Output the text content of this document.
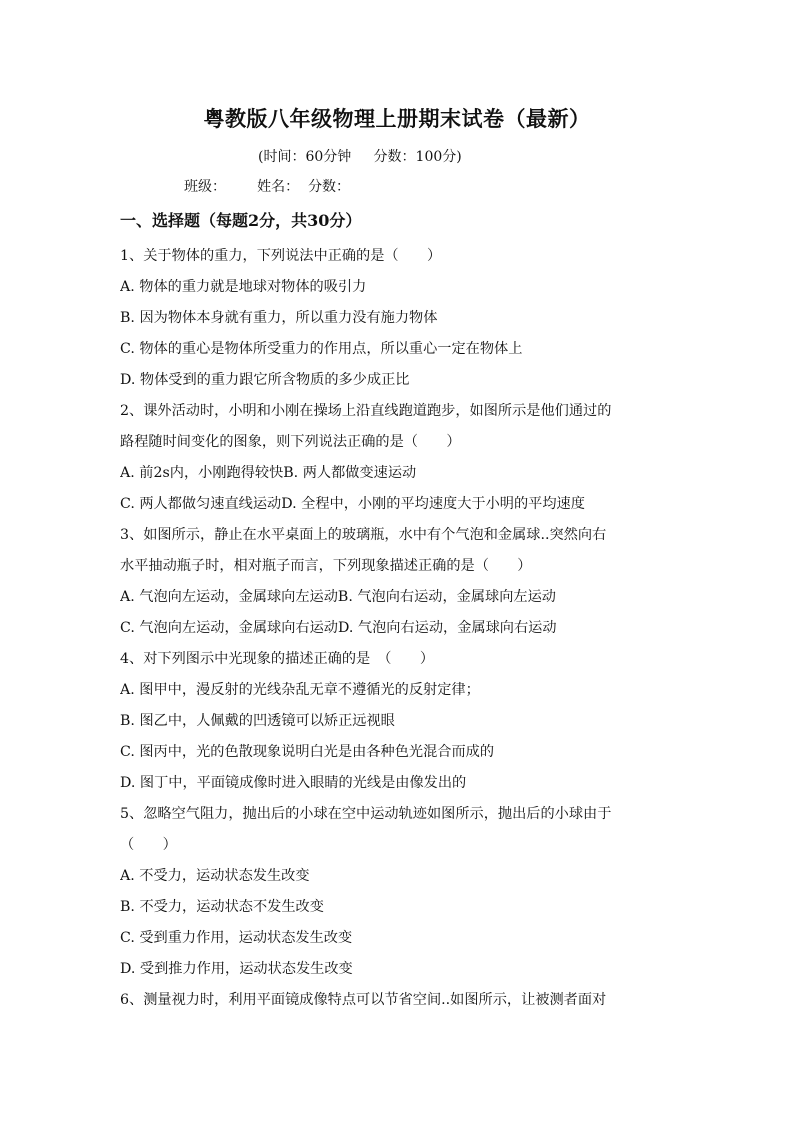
粤教版八年级物理上册期末试卷（最新）
(时间：60分钟 分数：100分)
班级： 姓名： 分数：
一、选择题（每题2分，共30分）
1、关于物体的重力，下列说法中正确的是（　　）
A. 物体的重力就是地球对物体的吸引力
B. 因为物体本身就有重力，所以重力没有施力物体
C. 物体的重心是物体所受重力的作用点，所以重心一定在物体上
D. 物体受到的重力跟它所含物质的多少成正比
2、课外活动时，小明和小刚在操场上沿直线跑道跑步，如图所示是他们通过的
路程随时间变化的图象，则下列说法正确的是（　　）
A. 前2s内，小刚跑得较快B. 两人都做变速运动
C. 两人都做匀速直线运动D. 全程中，小刚的平均速度大于小明的平均速度
3、如图所示，静止在水平桌面上的玻璃瓶，水中有个气泡和金属球..突然向右
水平抽动瓶子时，相对瓶子而言，下列现象描述正确的是（　　）
A. 气泡向左运动，金属球向左运动B. 气泡向右运动，金属球向左运动
C. 气泡向左运动，金属球向右运动D. 气泡向右运动，金属球向右运动
4、对下列图示中光现象的描述正确的是　（　　）
A. 图甲中，漫反射的光线杂乱无章不遵循光的反射定律；
B. 图乙中，人佩戴的凹透镜可以矫正远视眼
C. 图丙中，光的色散现象说明白光是由各种色光混合而成的
D. 图丁中，平面镜成像时进入眼睛的光线是由像发出的
5、忽略空气阻力，抛出后的小球在空中运动轨迹如图所示，抛出后的小球由于
（　　）
A. 不受力，运动状态发生改变
B. 不受力，运动状态不发生改变
C. 受到重力作用，运动状态发生改变
D. 受到推力作用，运动状态发生改变
6、测量视力时，利用平面镜成像特点可以节省空间..如图所示，让被测者面对
